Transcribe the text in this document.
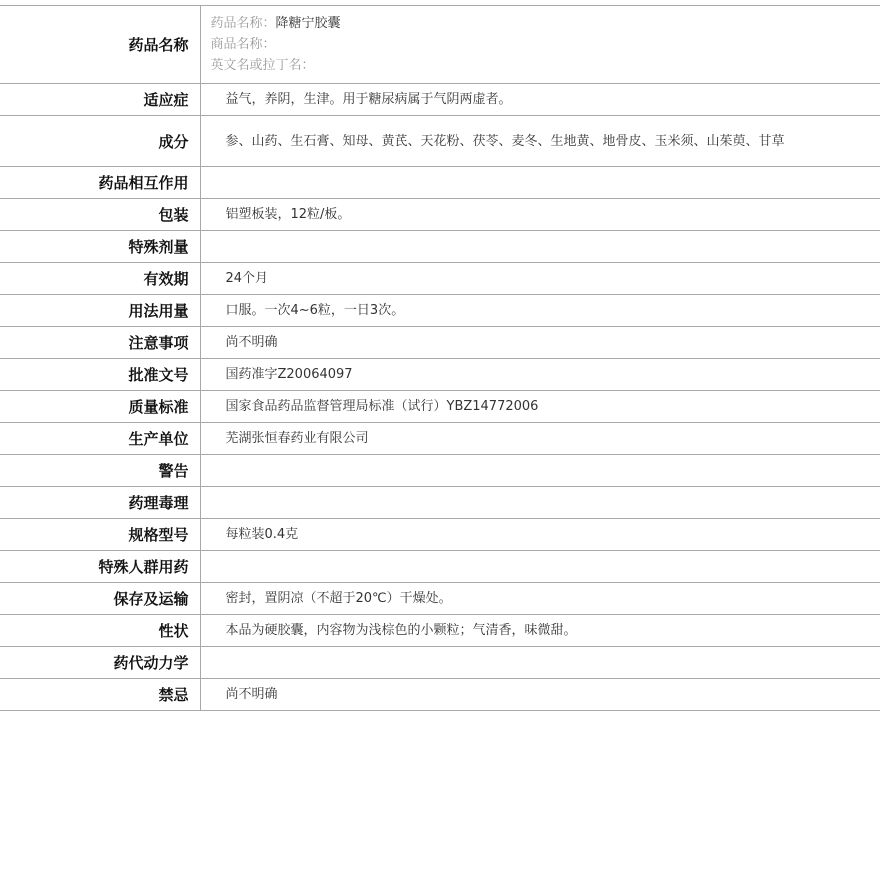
药品名称	药品名称：降糖宁胶囊
商品名称：
英文名或拉丁名：

适应症	益气，养阴，生津。用于糖尿病属于气阴两虚者。
成分	参、山药、生石膏、知母、黄芪、天花粉、茯苓、麦冬、生地黄、地骨皮、玉米须、山茱萸、甘草
药品相互作用	
包装	铝塑板装，12粒/板。
特殊剂量	
有效期	24个月
用法用量	口服。一次4~6粒，一日3次。
注意事项	尚不明确
批准文号	国药准字Z20064097
质量标准	国家食品药品监督管理局标准（试行）YBZ14772006
生产单位	芜湖张恒春药业有限公司
警告	
药理毒理	
规格型号	每粒装0.4克
特殊人群用药	
保存及运输	密封，置阴凉（不超于20℃）干燥处。
性状	本品为硬胶囊，内容物为浅棕色的小颗粒；气清香，味微甜。
药代动力学	
禁忌	尚不明确
